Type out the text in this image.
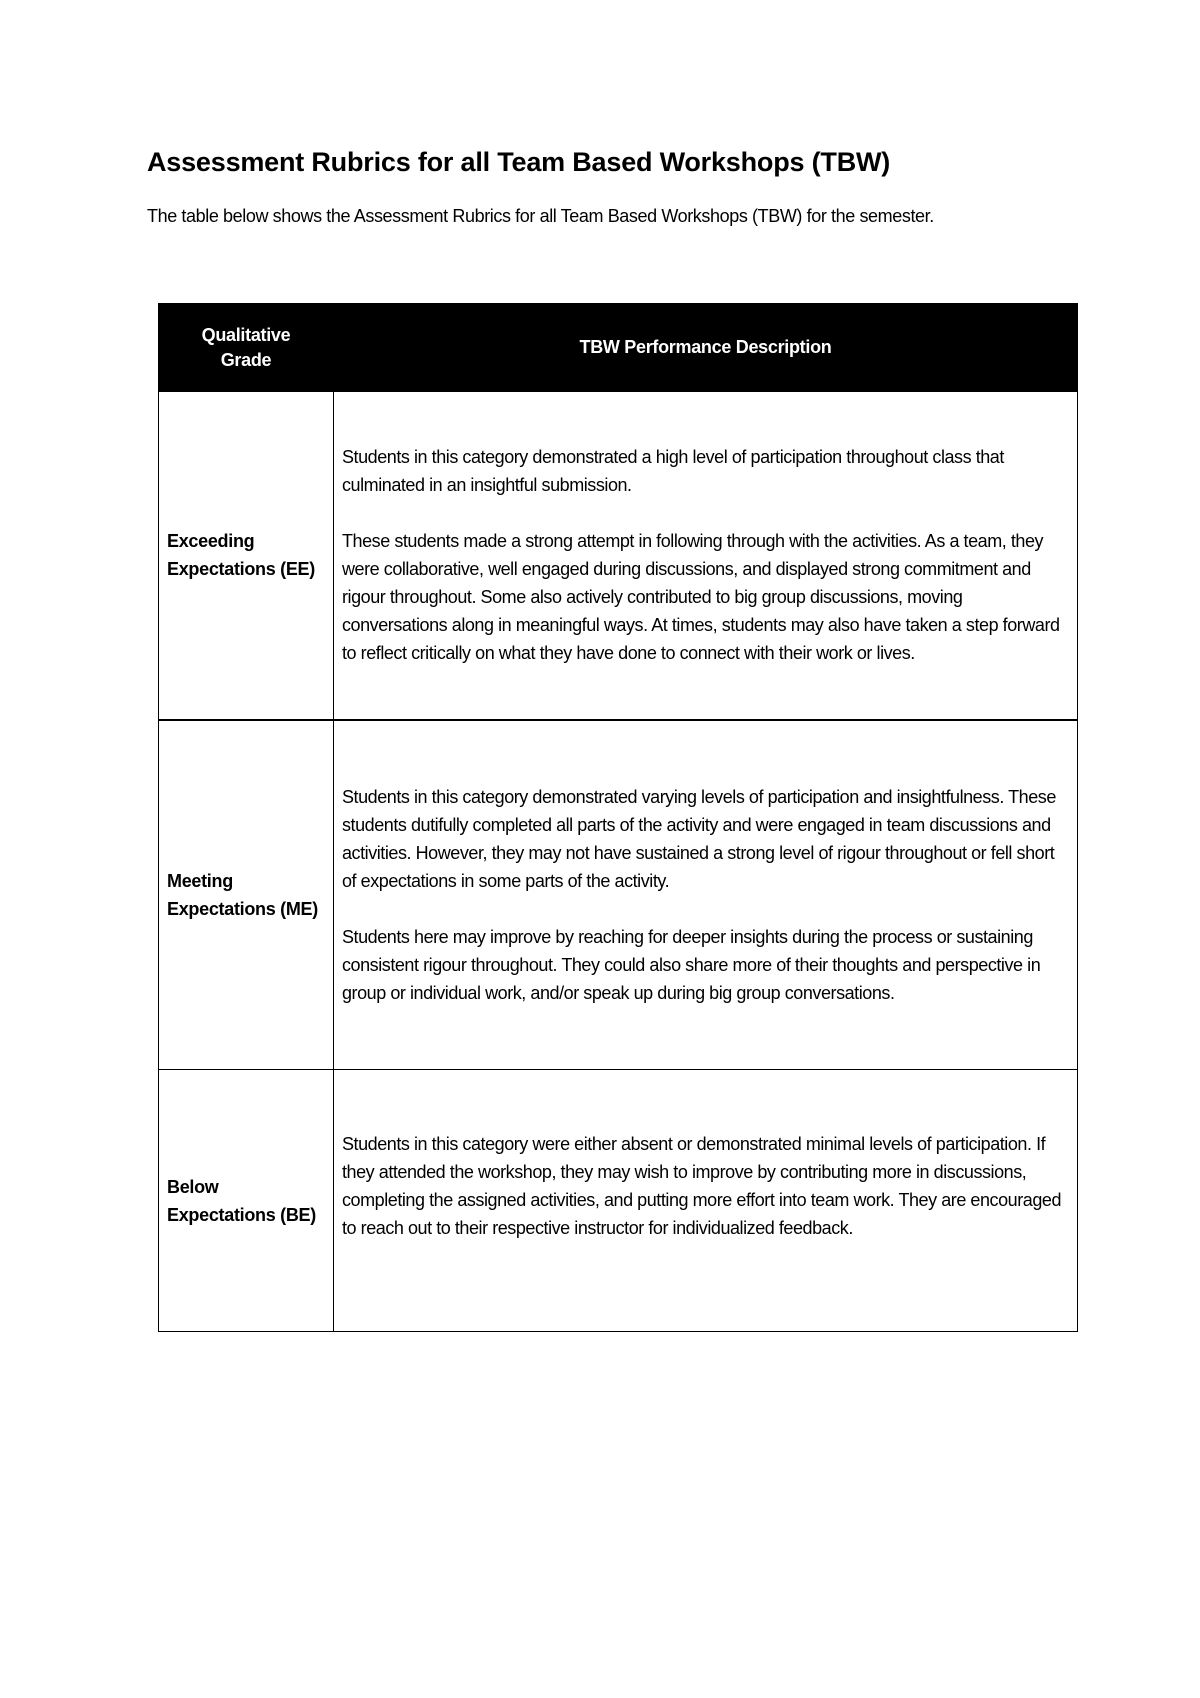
Assessment Rubrics for all Team Based Workshops (TBW)

The table below shows the Assessment Rubrics for all Team Based Workshops (TBW) for the semester.

Qualitative Grade	TBW Performance Description
Exceeding Expectations (EE)	Students in this category demonstrated a high level of participation throughout class that culminated in an insightful submission.

These students made a strong attempt in following through with the activities. As a team, they were collaborative, well engaged during discussions, and displayed strong commitment and rigour throughout. Some also actively contributed to big group discussions, moving conversations along in meaningful ways. At times, students may also have taken a step forward to reflect critically on what they have done to connect with their work or lives.

Meeting Expectations (ME)	Students in this category demonstrated varying levels of participation and insightfulness. These students dutifully completed all parts of the activity and were engaged in team discussions and activities. However, they may not have sustained a strong level of rigour throughout or fell short of expectations in some parts of the activity.

Students here may improve by reaching for deeper insights during the process or sustaining consistent rigour throughout. They could also share more of their thoughts and perspective in group or individual work, and/or speak up during big group conversations.

Below Expectations (BE)	Students in this category were either absent or demonstrated minimal levels of participation. If they attended the workshop, they may wish to improve by contributing more in discussions, completing the assigned activities, and putting more effort into team work. They are encouraged to reach out to their respective instructor for individualized feedback.
